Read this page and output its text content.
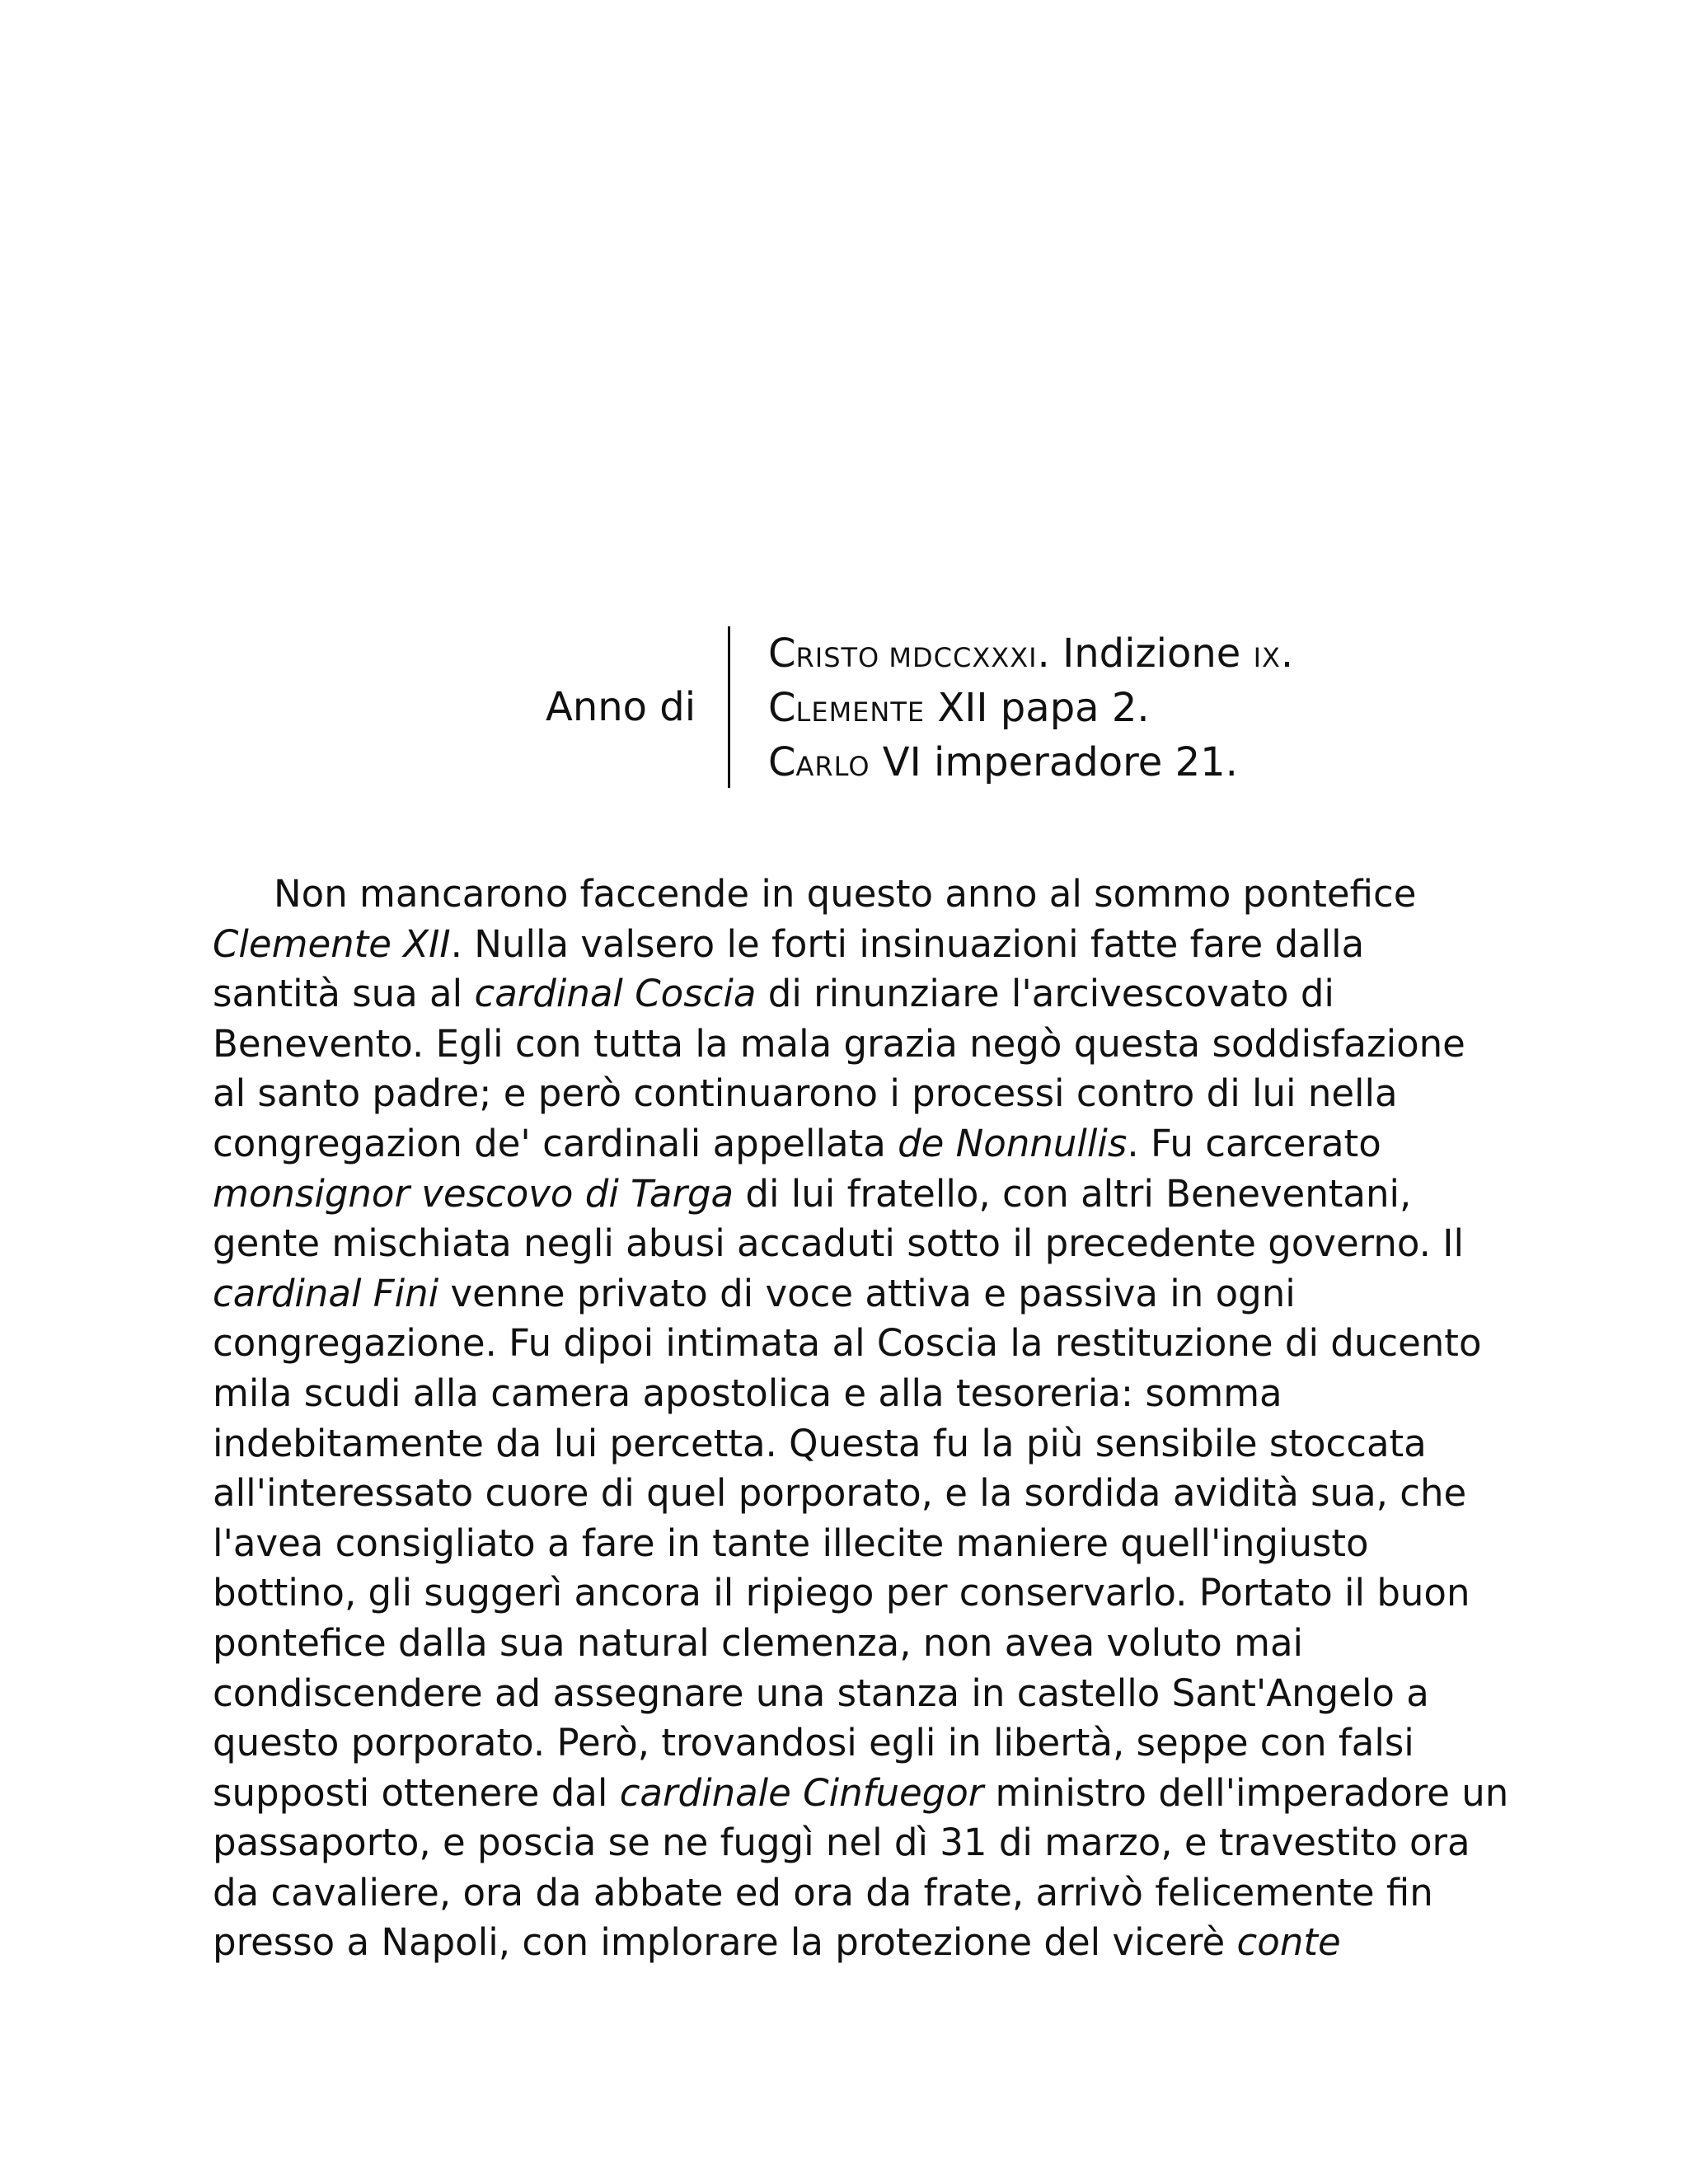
Anno di
CRISTO MDCCXXXI. Indizione IX.
CLEMENTE XII papa 2.
CARLO VI imperadore 21.
Non mancarono faccende in questo anno al sommo pontefice
Clemente XII. Nulla valsero le forti insinuazioni fatte fare dalla
santità sua al cardinal Coscia di rinunziare l'arcivescovato di
Benevento. Egli con tutta la mala grazia negò questa soddisfazione
al santo padre; e però continuarono i processi contro di lui nella
congregazion de' cardinali appellata de Nonnullis. Fu carcerato
monsignor vescovo di Targa di lui fratello, con altri Beneventani,
gente mischiata negli abusi accaduti sotto il precedente governo. Il
cardinal Fini venne privato di voce attiva e passiva in ogni
congregazione. Fu dipoi intimata al Coscia la restituzione di ducento
mila scudi alla camera apostolica e alla tesoreria: somma
indebitamente da lui percetta. Questa fu la più sensibile stoccata
all'interessato cuore di quel porporato, e la sordida avidità sua, che
l'avea consigliato a fare in tante illecite maniere quell'ingiusto
bottino, gli suggerì ancora il ripiego per conservarlo. Portato il buon
pontefice dalla sua natural clemenza, non avea voluto mai
condiscendere ad assegnare una stanza in castello Sant'Angelo a
questo porporato. Però, trovandosi egli in libertà, seppe con falsi
supposti ottenere dal cardinale Cinfuegor ministro dell'imperadore un
passaporto, e poscia se ne fuggì nel dì 31 di marzo, e travestito ora
da cavaliere, ora da abbate ed ora da frate, arrivò felicemente fin
presso a Napoli, con implorare la protezione del vicerè conte
